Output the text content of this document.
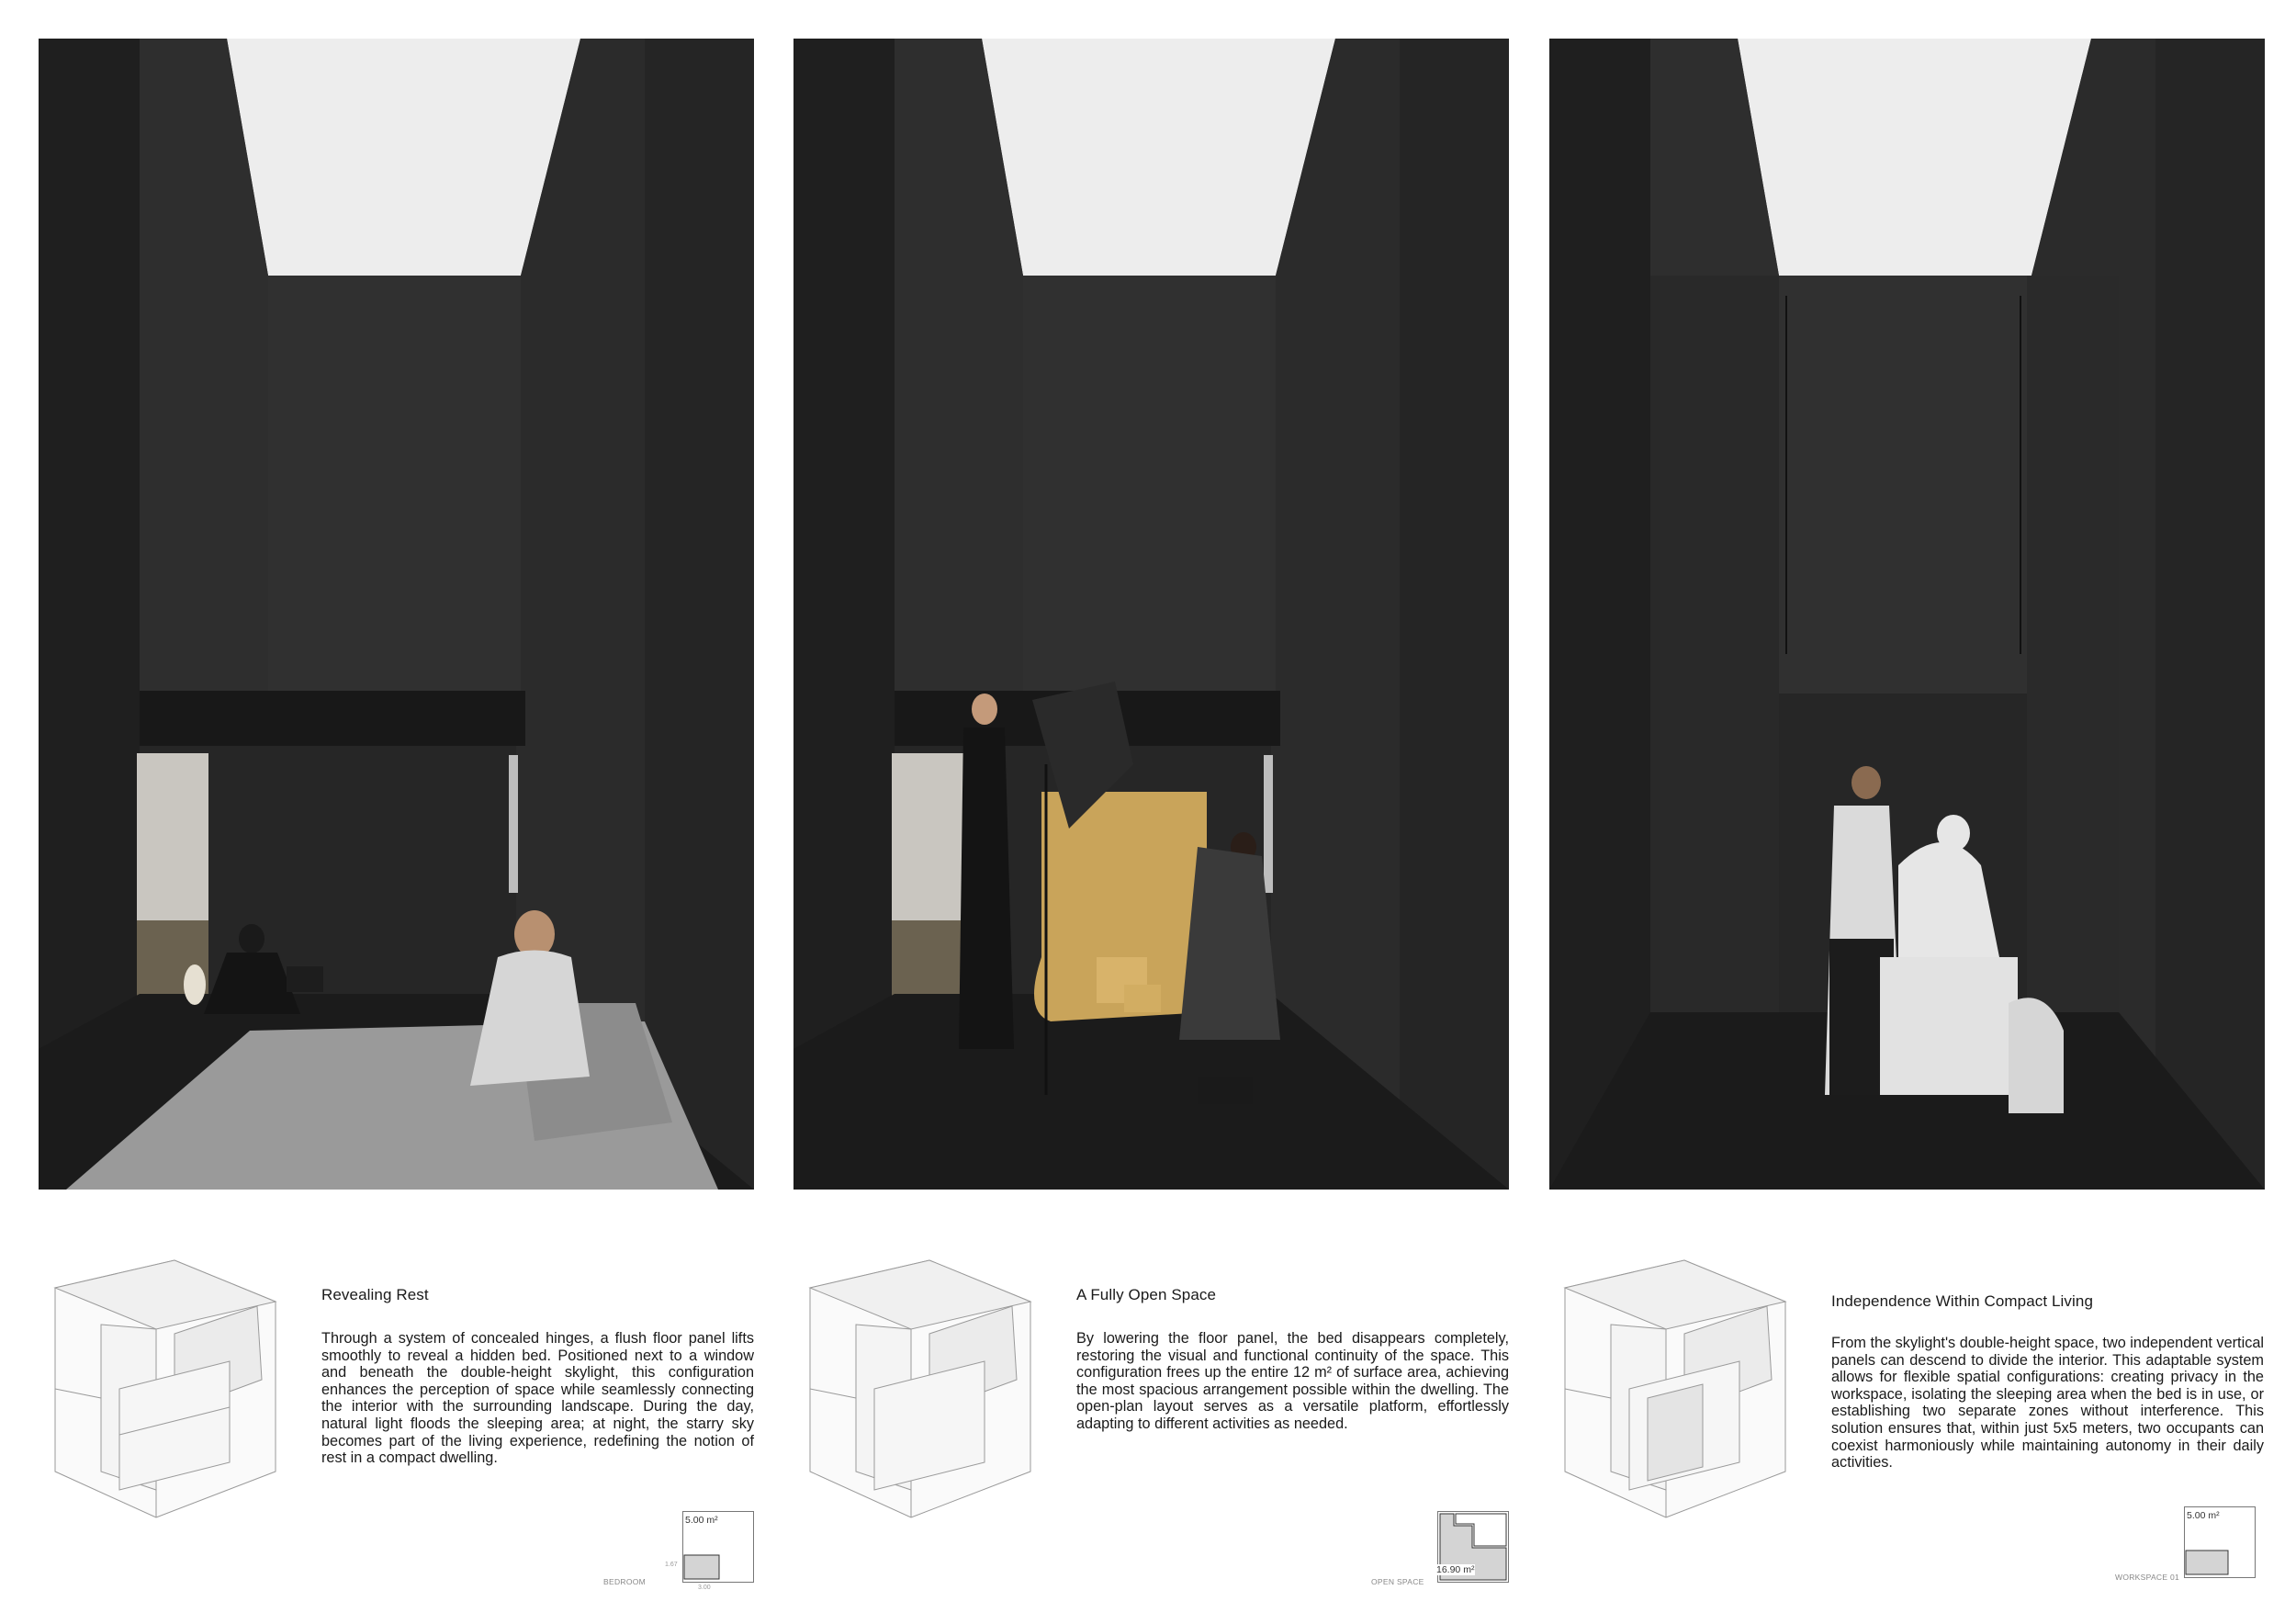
Revealing Rest

Through a system of concealed hinges, a flush floor panel lifts smoothly to reveal a hidden bed. Positioned next to a window and beneath the double-height skylight, this configuration enhances the perception of space while seamlessly connecting the interior with the surrounding landscape. During the day, natural light floods the sleeping area; at night, the starry sky becomes part of the living experience, redefining the notion of rest in a compact dwelling.

A Fully Open Space

By lowering the floor panel, the bed disappears completely, restoring the visual and functional continuity of the space. This configuration frees up the entire 12 m² of surface area, achieving the most spacious arrangement possible within the dwelling. The open-plan layout serves as a versatile platform, effortlessly adapting to different activities as needed.

Independence Within Compact Living

From the skylight's double-height space, two independent vertical panels can descend to divide the interior. This adaptable system allows for flexible spatial configurations: creating privacy in the workspace, isolating the sleeping area when the bed is in use, or establishing two separate zones without interference. This solution ensures that, within just 5x5 meters, two occupants can coexist harmoniously while maintaining autonomy in their daily activities.

5.00 m²
BEDROOM
1.67
3.00
16.90 m²
OPEN SPACE
5.00 m²
WORKSPACE 01
